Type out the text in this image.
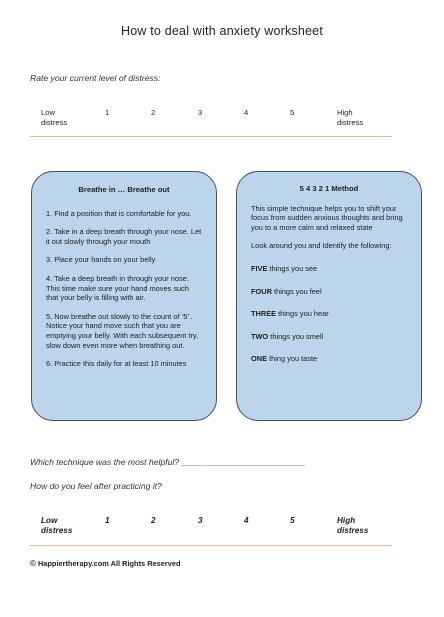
How to deal with anxiety worksheet
Rate your current level of distress:
Low
distress
1	2	3	4	5	High
distress
Breathe in … Breathe out
1. Find a position that is comfortable for you.
2. Take in a deep breath through your nose. Let it out slowly through your mouth
3. Place your hands on your belly
4. Take a deep breath in through your nose. This time make sure your hand moves such that your belly is filling with air.
5. Now breathe out slowly to the count of ‘5’ . Notice your hand move such that you are emptying your belly. With each subsequent try, slow down even more when breathing out.
6. Practice this daily for at least 10 minutes
5 4 3 2 1 Method
This simple technique helps you to shift your focus from sudden anxious thoughts and bring you to a more calm and relaxed state
Look around you and Identify the following:
FIVE things you see
FOUR things you feel
THREE things you hear
TWO things you smell
ONE thing you taste
Which technique was the most helpful? __________________________
How do you feel after practicing it?
Low
distress
1	2	3	4	5	High
distress
© Happiertherapy.com All Rights Reserved
